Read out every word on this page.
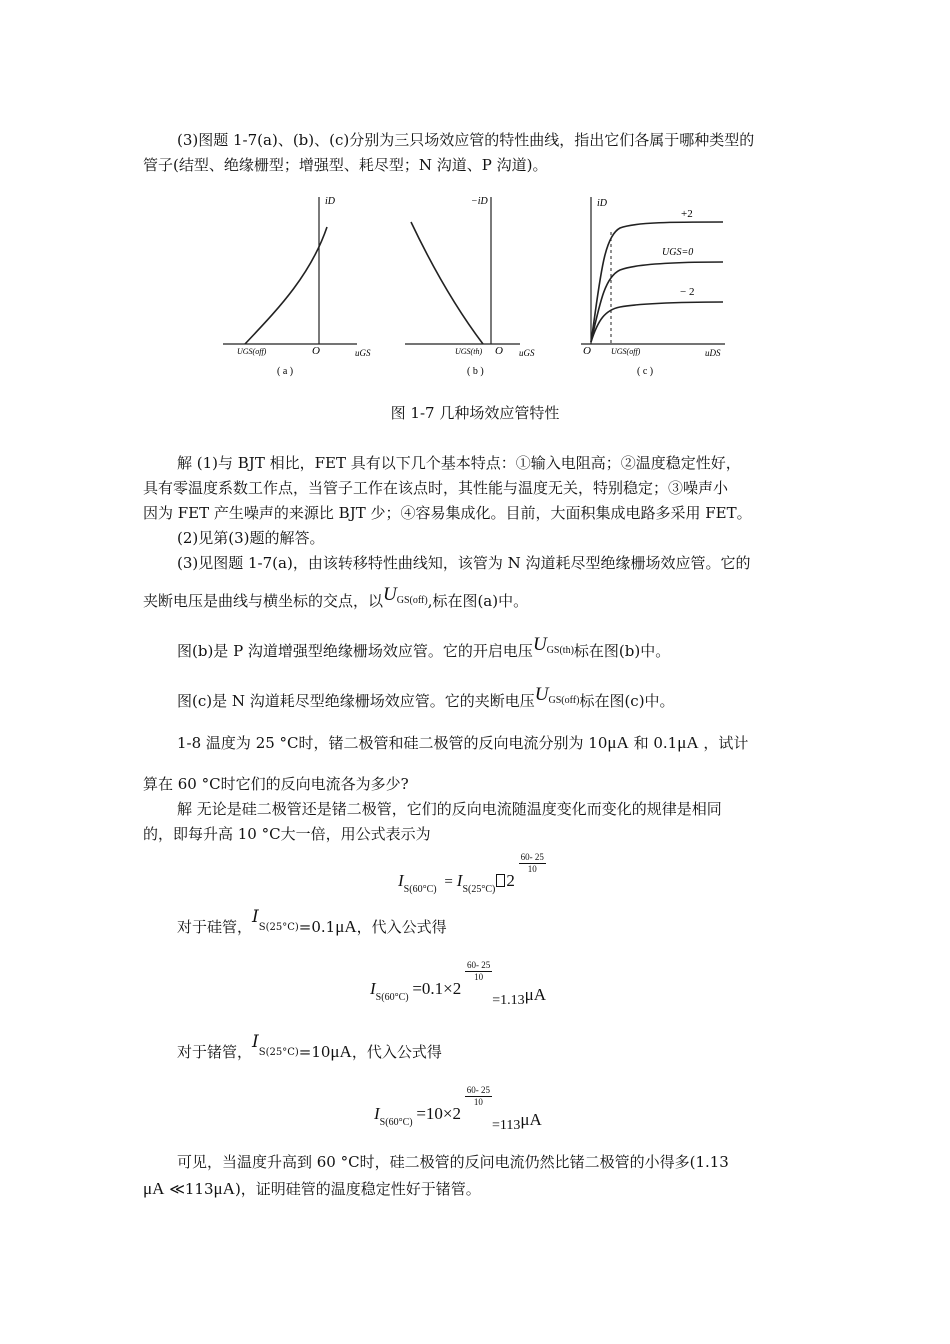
(3)图题 1-7(a)、(b)、(c)分别为三只场效应管的特性曲线，指出它们各属于哪种类型的
管子(结型、绝缘栅型；增强型、耗尽型；N 沟道、P 沟道)。
iD
uGS
O
UGS(off)
( a )
−iD
uGS
O
UGS(th)
( b )
iD
uDS
O	UGS(off)
+2
UGS=0
− 2
( c )
图 1-7 几种场效应管特性
解 (1)与 BJT 相比，FET 具有以下几个基本特点：①输入电阻高；②温度稳定性好，
具有零温度系数工作点，当管子工作在该点时，其性能与温度无关，特别稳定；③噪声小
因为 FET 产生噪声的来源比 BJT 少；④容易集成化。目前，大面积集成电路多采用 FET。
(2)见第(3)题的解答。
(3)见图题 1-7(a)，由该转移特性曲线知，该管为 N 沟道耗尽型绝缘栅场效应管。它的
夹断电压是曲线与横坐标的交点，以$U^{GS(off)}$,标在图(a)中。
图(b)是 P 沟道增强型绝缘栅场效应管。它的开启电压$U^{GS(th)}$标在图(b)中。
图(c)是 N 沟道耗尽型绝缘栅场效应管。它的夹断电压$U^{GS(off)}$标在图(c)中。
1-8 温度为 25 °C时，锗二极管和硅二极管的反向电流分别为 10μA 和 0.1μA ，试计
算在 60 °C时它们的反向电流各为多少?
解 无论是硅二极管还是锗二极管，它们的反向电流随温度变化而变化的规律是相同
的，即每升高 10 °C大一倍，用公式表示为
$I_{S(60^\circ C)} = I_{S(25^\circ C)}$ 2
$\frac{60- 25}{10}$
对于硅管，$I^{S(25^\circ C)}=0.1\mu A$，代入公式得
$I_{S(60^\circ C)} =0.1\times 2$
$\frac{60- 25}{10}$
=1.13μA
对于锗管，$I^{S(25^\circ C)}=10\mu A$，代入公式得
$I_{S(60^\circ C)} =10\times 2$
$\frac{60- 25}{10}$
=113μA
可见，当温度升高到 60 °C时，硅二极管的反问电流仍然比锗二极管的小得多(1.13
μA ≪113μA)，证明硅管的温度稳定性好于锗管。
